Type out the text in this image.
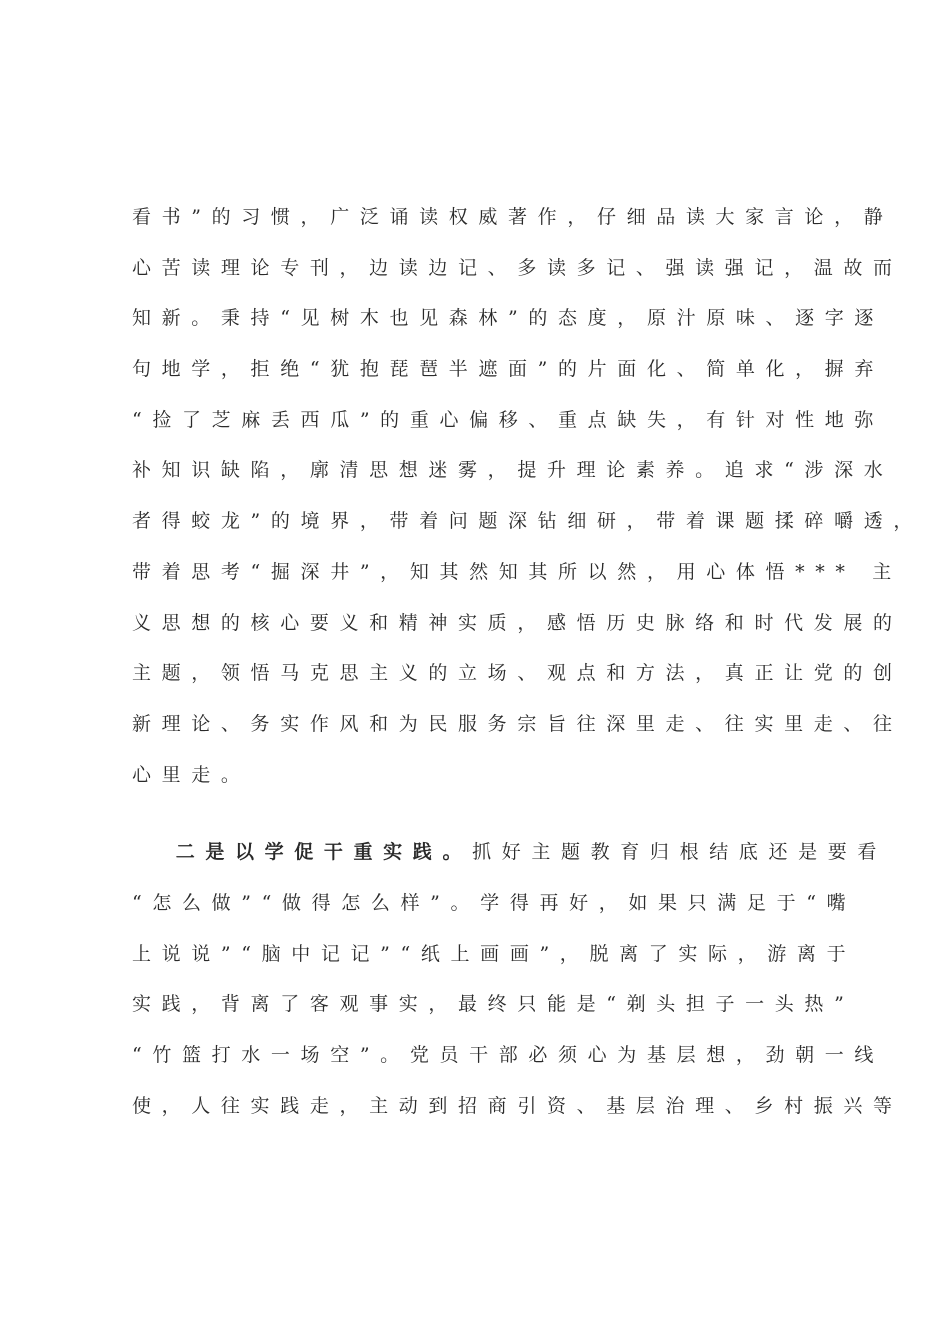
看书”的习惯，广泛诵读权威著作，仔细品读大家言论，静
心苦读理论专刊，边读边记、多读多记、强读强记，温故而
知新。秉持“见树木也见森林”的态度，原汁原味、逐字逐
句地学，拒绝“犹抱琵琶半遮面”的片面化、简单化，摒弃
“捡了芝麻丢西瓜”的重心偏移、重点缺失，有针对性地弥
补知识缺陷，廓清思想迷雾，提升理论素养。追求“涉深水
者得蛟龙”的境界，带着问题深钻细研，带着课题揉碎嚼透，
带着思考“掘深井”，知其然知其所以然，用心体悟*** 主
义思想的核心要义和精神实质，感悟历史脉络和时代发展的
主题，领悟马克思主义的立场、观点和方法，真正让党的创
新理论、务实作风和为民服务宗旨往深里走、往实里走、往
心里走。
二是以学促干重实践。抓好主题教育归根结底还是要看
“怎么做”“做得怎么样”。学得再好，如果只满足于“嘴
上说说”“脑中记记”“纸上画画”，脱离了实际，游离于
实践，背离了客观事实，最终只能是“剃头担子一头热”
“竹篮打水一场空”。党员干部必须心为基层想，劲朝一线
使，人往实践走，主动到招商引资、基层治理、乡村振兴等
